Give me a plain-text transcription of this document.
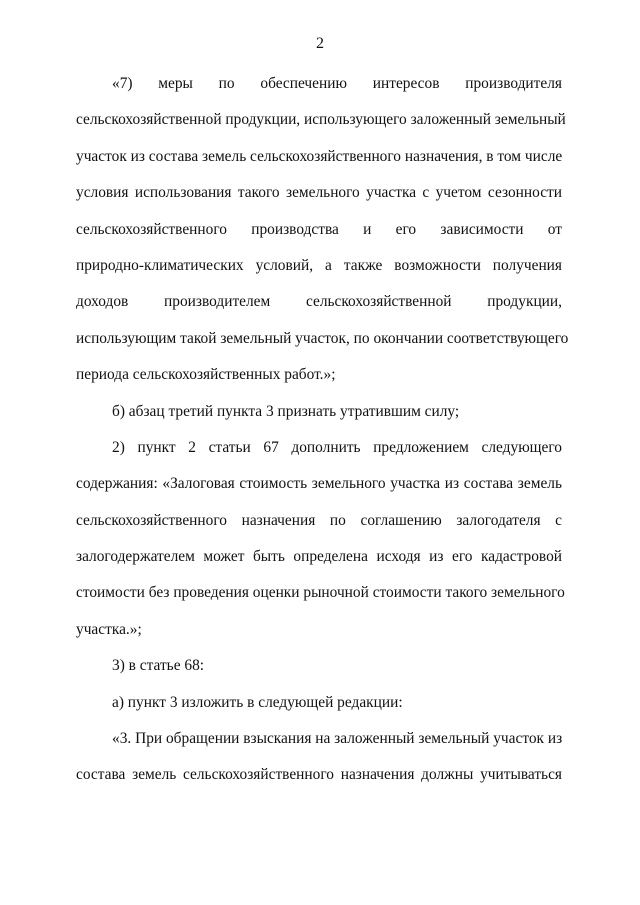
2
«7) меры по обеспечению интересов производителя
сельскохозяйственной продукции, использующего заложенный земельный
участок из состава земель сельскохозяйственного назначения, в том числе
условия использования такого земельного участка с учетом сезонности
сельскохозяйственного производства и его зависимости от
природно-климатических условий, а также возможности получения
доходов производителем сельскохозяйственной продукции,
использующим такой земельный участок, по окончании соответствующего
периода сельскохозяйственных работ.»;
б) абзац третий пункта 3 признать утратившим силу;
2) пункт 2 статьи 67 дополнить предложением следующего
содержания: «Залоговая стоимость земельного участка из состава земель
сельскохозяйственного назначения по соглашению залогодателя с
залогодержателем может быть определена исходя из его кадастровой
стоимости без проведения оценки рыночной стоимости такого земельного
участка.»;
3) в статье 68:
а) пункт 3 изложить в следующей редакции:
«3. При обращении взыскания на заложенный земельный участок из
состава земель сельскохозяйственного назначения должны учитываться
